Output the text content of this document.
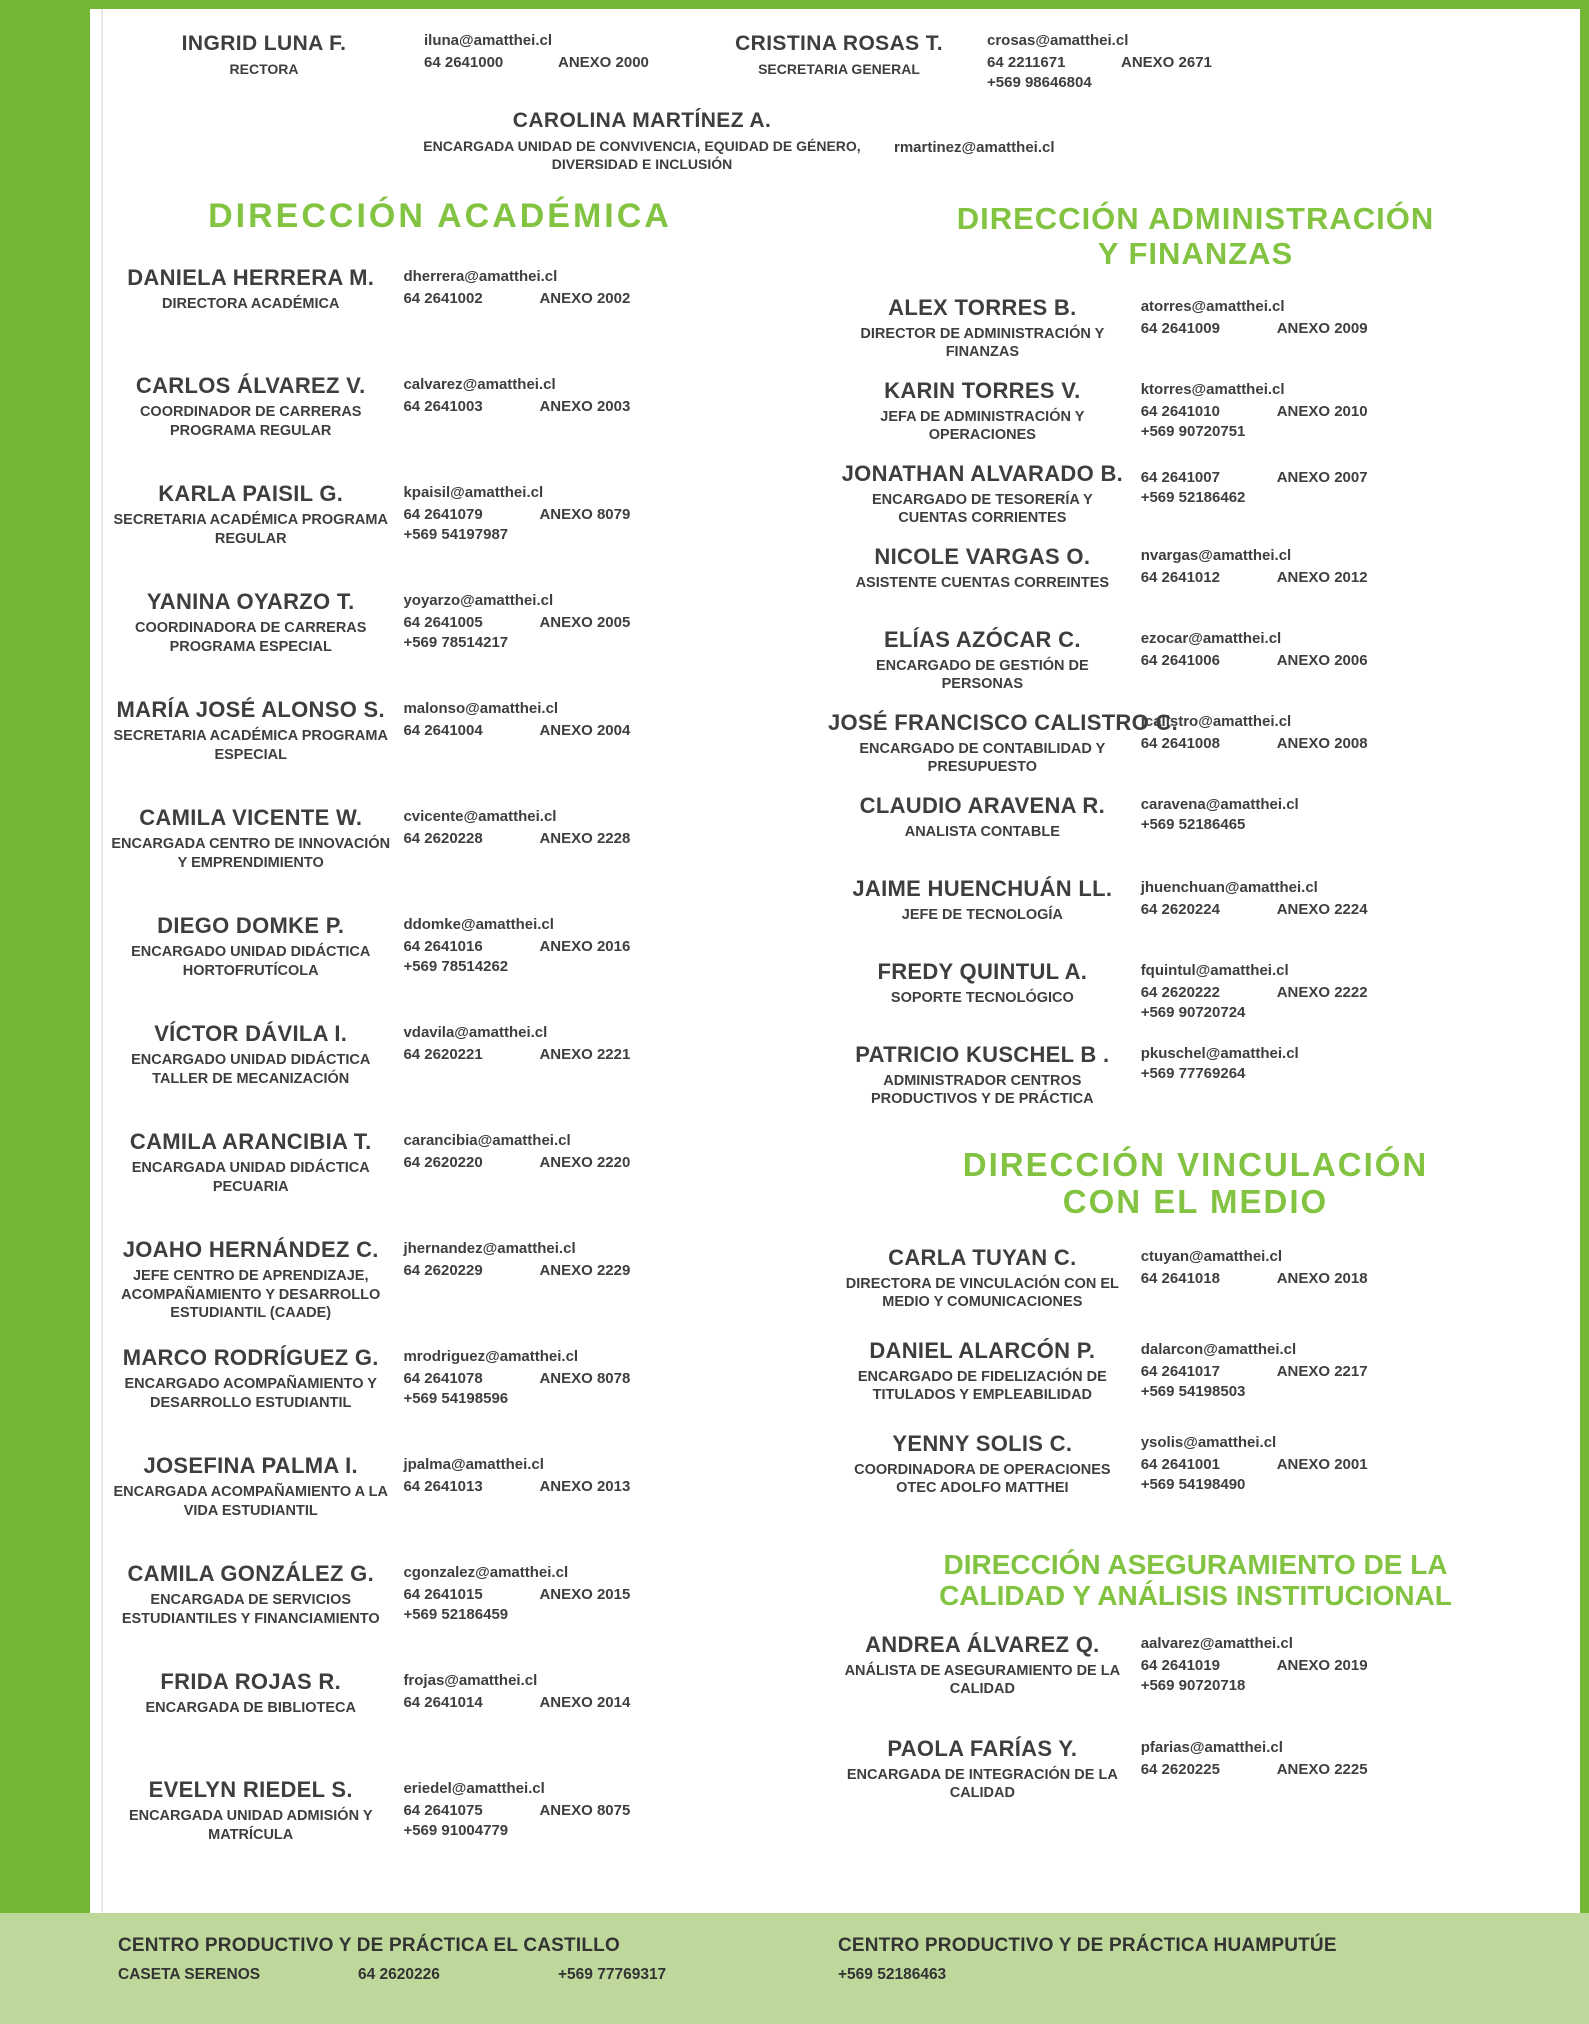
INGRID LUNA F.
RECTORA
iluna@amatthei.cl
64 2641000	ANEXO 2000
CRISTINA ROSAS T.
SECRETARIA GENERAL
crosas@amatthei.cl
64 2211671	ANEXO 2671
+569 98646804
CAROLINA MARTÍNEZ A.
ENCARGADA UNIDAD DE CONVIVENCIA, EQUIDAD DE GÉNERO, DIVERSIDAD E INCLUSIÓN
rmartinez@amatthei.cl
DIRECCIÓN ACADÉMICA
DANIELA HERRERA M.
DIRECTORA ACADÉMICA
dherrera@amatthei.cl
64 2641002	ANEXO 2002
CARLOS ÁLVAREZ V.
COORDINADOR DE CARRERAS PROGRAMA REGULAR
calvarez@amatthei.cl
64 2641003	ANEXO 2003
KARLA PAISIL G.
SECRETARIA ACADÉMICA PROGRAMA REGULAR
kpaisil@amatthei.cl
64 2641079	ANEXO 8079
+569 54197987
YANINA OYARZO T.
COORDINADORA DE CARRERAS PROGRAMA ESPECIAL
yoyarzo@amatthei.cl
64 2641005	ANEXO 2005
+569 78514217
MARÍA JOSÉ ALONSO S.
SECRETARIA ACADÉMICA PROGRAMA ESPECIAL
malonso@amatthei.cl
64 2641004	ANEXO 2004
CAMILA VICENTE W.
ENCARGADA CENTRO DE INNOVACIÓN Y EMPRENDIMIENTO
cvicente@amatthei.cl
64 2620228	ANEXO 2228
DIEGO DOMKE P.
ENCARGADO UNIDAD DIDÁCTICA HORTOFRUTÍCOLA
ddomke@amatthei.cl
64 2641016	ANEXO 2016
+569 78514262
VÍCTOR DÁVILA I.
ENCARGADO UNIDAD DIDÁCTICA TALLER DE MECANIZACIÓN
vdavila@amatthei.cl
64 2620221	ANEXO 2221
CAMILA ARANCIBIA T.
ENCARGADA UNIDAD DIDÁCTICA PECUARIA
carancibia@amatthei.cl
64 2620220	ANEXO 2220
JOAHO HERNÁNDEZ C.
JEFE CENTRO DE APRENDIZAJE, ACOMPAÑAMIENTO Y DESARROLLO ESTUDIANTIL (CAADE)
jhernandez@amatthei.cl
64 2620229	ANEXO 2229
MARCO RODRÍGUEZ G.
ENCARGADO ACOMPAÑAMIENTO Y DESARROLLO ESTUDIANTIL
mrodriguez@amatthei.cl
64 2641078	ANEXO 8078
+569 54198596
JOSEFINA PALMA I.
ENCARGADA ACOMPAÑAMIENTO A LA VIDA ESTUDIANTIL
jpalma@amatthei.cl
64 2641013	ANEXO 2013
CAMILA GONZÁLEZ G.
ENCARGADA DE SERVICIOS ESTUDIANTILES Y FINANCIAMIENTO
cgonzalez@amatthei.cl
64 2641015	ANEXO 2015
+569 52186459
FRIDA ROJAS R.
ENCARGADA DE BIBLIOTECA
frojas@amatthei.cl
64 2641014	ANEXO 2014
EVELYN RIEDEL S.
ENCARGADA UNIDAD ADMISIÓN Y MATRÍCULA
eriedel@amatthei.cl
64 2641075	ANEXO 8075
+569 91004779
DIRECCIÓN ADMINISTRACIÓN
Y FINANZAS
ALEX TORRES B.
DIRECTOR DE ADMINISTRACIÓN Y FINANZAS
atorres@amatthei.cl
64 2641009	ANEXO 2009
KARIN TORRES V.
JEFA DE ADMINISTRACIÓN Y OPERACIONES
ktorres@amatthei.cl
64 2641010	ANEXO 2010
+569 90720751
JONATHAN ALVARADO B.
ENCARGADO DE TESORERÍA Y CUENTAS CORRIENTES
64 2641007	ANEXO 2007
+569 52186462
NICOLE VARGAS O.
ASISTENTE CUENTAS CORREINTES
nvargas@amatthei.cl
64 2641012	ANEXO 2012
ELÍAS AZÓCAR C.
ENCARGADO DE GESTIÓN DE PERSONAS
ezocar@amatthei.cl
64 2641006	ANEXO 2006
JOSÉ FRANCISCO CALISTRO C.
ENCARGADO DE CONTABILIDAD Y PRESUPUESTO
jcalistro@amatthei.cl
64 2641008	ANEXO 2008
CLAUDIO ARAVENA R.
ANALISTA CONTABLE
caravena@amatthei.cl
+569 52186465
JAIME HUENCHUÁN LL.
JEFE DE TECNOLOGÍA
jhuenchuan@amatthei.cl
64 2620224	ANEXO 2224
FREDY QUINTUL A.
SOPORTE TECNOLÓGICO
fquintul@amatthei.cl
64 2620222	ANEXO 2222
+569 90720724
PATRICIO KUSCHEL B .
ADMINISTRADOR CENTROS PRODUCTIVOS Y DE PRÁCTICA
pkuschel@amatthei.cl
+569 77769264
DIRECCIÓN VINCULACIÓN
CON EL MEDIO
CARLA TUYAN C.
DIRECTORA DE VINCULACIÓN CON EL MEDIO Y COMUNICACIONES
ctuyan@amatthei.cl
64 2641018	ANEXO 2018
DANIEL ALARCÓN P.
ENCARGADO DE FIDELIZACIÓN DE TITULADOS Y EMPLEABILIDAD
dalarcon@amatthei.cl
64 2641017	ANEXO 2217
+569 54198503
YENNY SOLIS C.
COORDINADORA DE OPERACIONES OTEC ADOLFO MATTHEI
ysolis@amatthei.cl
64 2641001	ANEXO 2001
+569 54198490
DIRECCIÓN ASEGURAMIENTO DE LA
CALIDAD Y ANÁLISIS INSTITUCIONAL
ANDREA ÁLVAREZ Q.
ANÁLISTA DE ASEGURAMIENTO DE LA CALIDAD
aalvarez@amatthei.cl
64 2641019	ANEXO 2019
+569 90720718
PAOLA FARÍAS Y.
ENCARGADA DE INTEGRACIÓN DE LA CALIDAD
pfarias@amatthei.cl
64 2620225	ANEXO 2225
CENTRO PRODUCTIVO Y DE PRÁCTICA EL CASTILLO
CASETA SERENOS	64 2620226	+569 77769317
CENTRO PRODUCTIVO Y DE PRÁCTICA HUAMPUTÚE
+569 52186463
